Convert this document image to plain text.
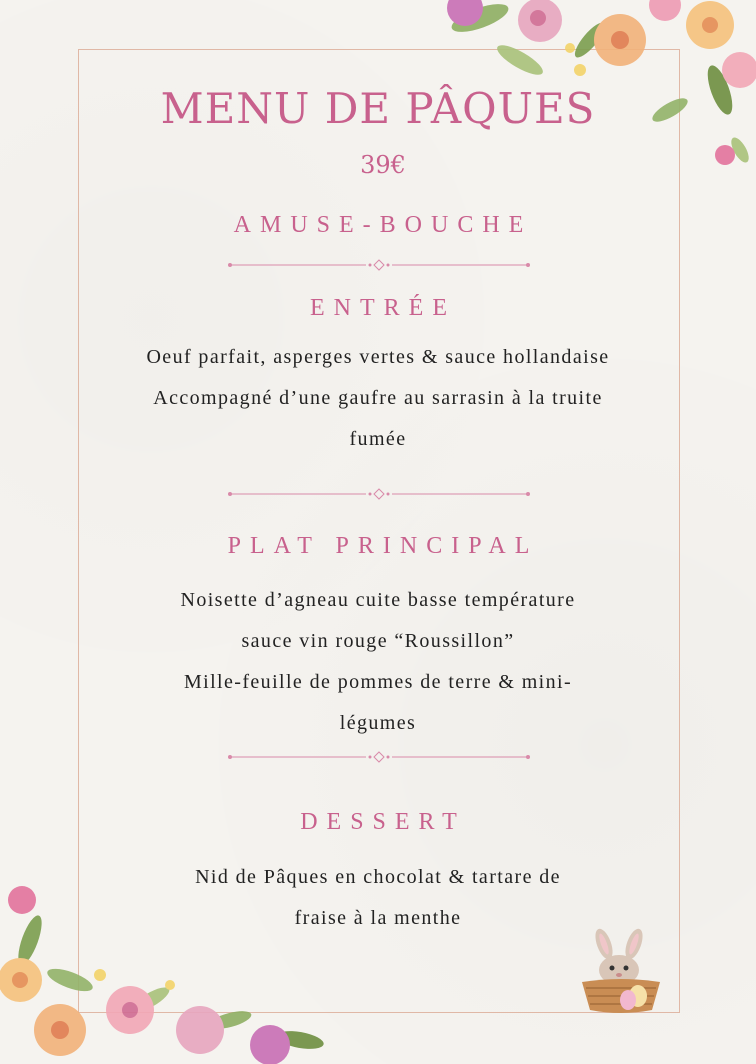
MENU DE PÂQUES
39€
AMUSE-BOUCHE
ENTRÉE
Oeuf parfait, asperges vertes & sauce hollandaise
Accompagné d’une gaufre au sarrasin à la truite
fumée
PLAT PRINCIPAL
Noisette d’agneau cuite basse température
sauce vin rouge “Roussillon”
Mille-feuille de pommes de terre & mini-
légumes
DESSERT
Nid de Pâques en chocolat & tartare de
fraise à la menthe
